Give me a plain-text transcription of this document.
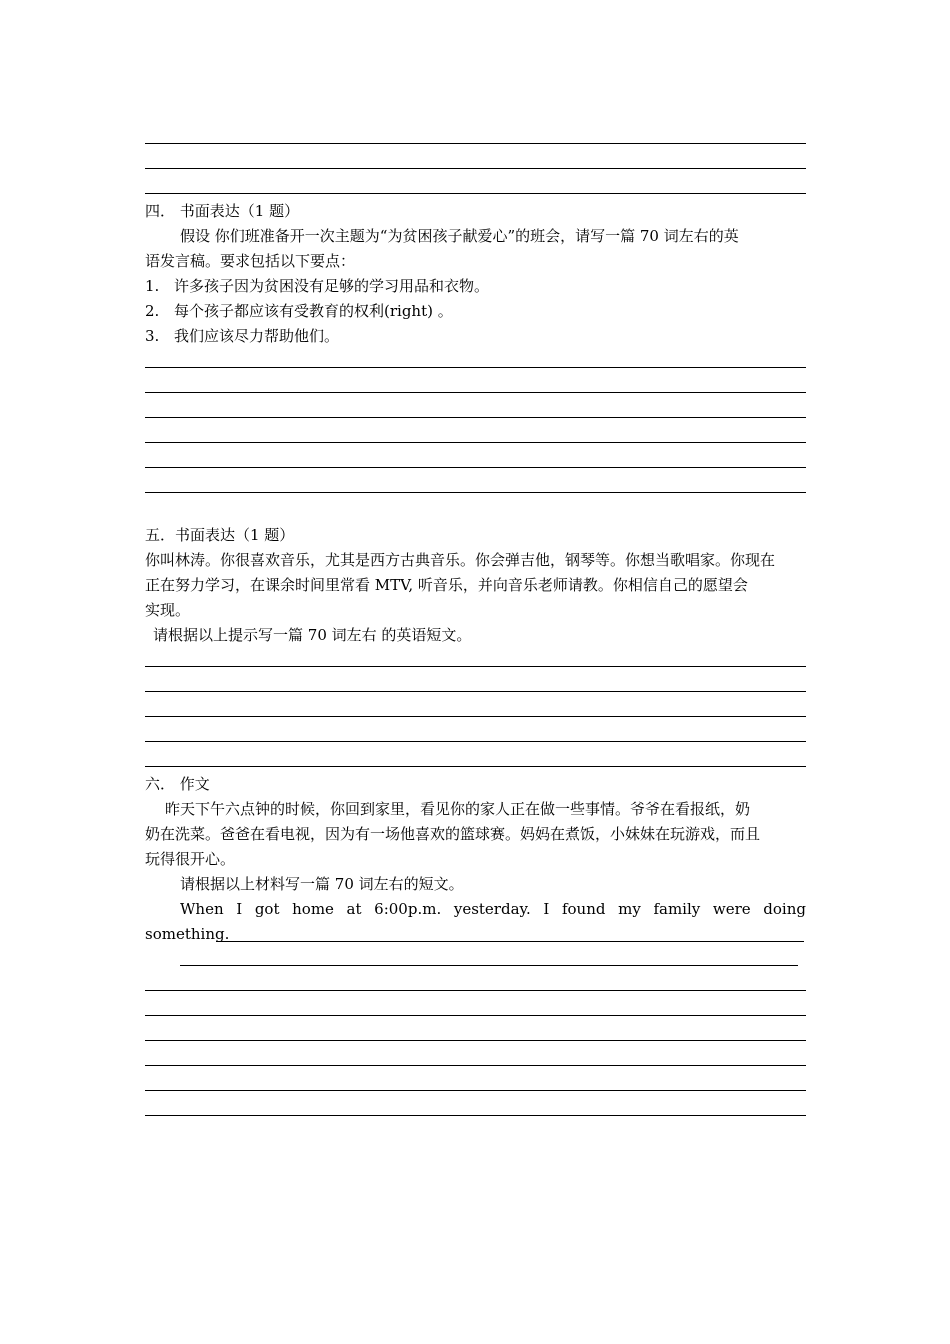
四． 书面表达（1 题）
假设 你们班准备开一次主题为“为贫困孩子献爱心”的班会，请写一篇 70 词左右的英
语发言稿。要求包括以下要点：
1. 许多孩子因为贫困没有足够的学习用品和衣物。
2. 每个孩子都应该有受教育的权利(right) 。
3. 我们应该尽力帮助他们。
五．书面表达（1 题）
你叫林涛。你很喜欢音乐，尤其是西方古典音乐。你会弹吉他，钢琴等。你想当歌唱家。你现在
正在努力学习，在课余时间里常看 MTV, 听音乐，并向音乐老师请教。你相信自己的愿望会
实现。
请根据以上提示写一篇 70 词左右 的英语短文。
六． 作文
昨天下午六点钟的时候，你回到家里，看见你的家人正在做一些事情。爷爷在看报纸，奶
奶在洗菜。爸爸在看电视，因为有一场他喜欢的篮球赛。妈妈在煮饭，小妹妹在玩游戏，而且
玩得很开心。
请根据以上材料写一篇 70 词左右的短文。
When I got home at 6:00p.m. yesterday. I found my family were doing
something.
